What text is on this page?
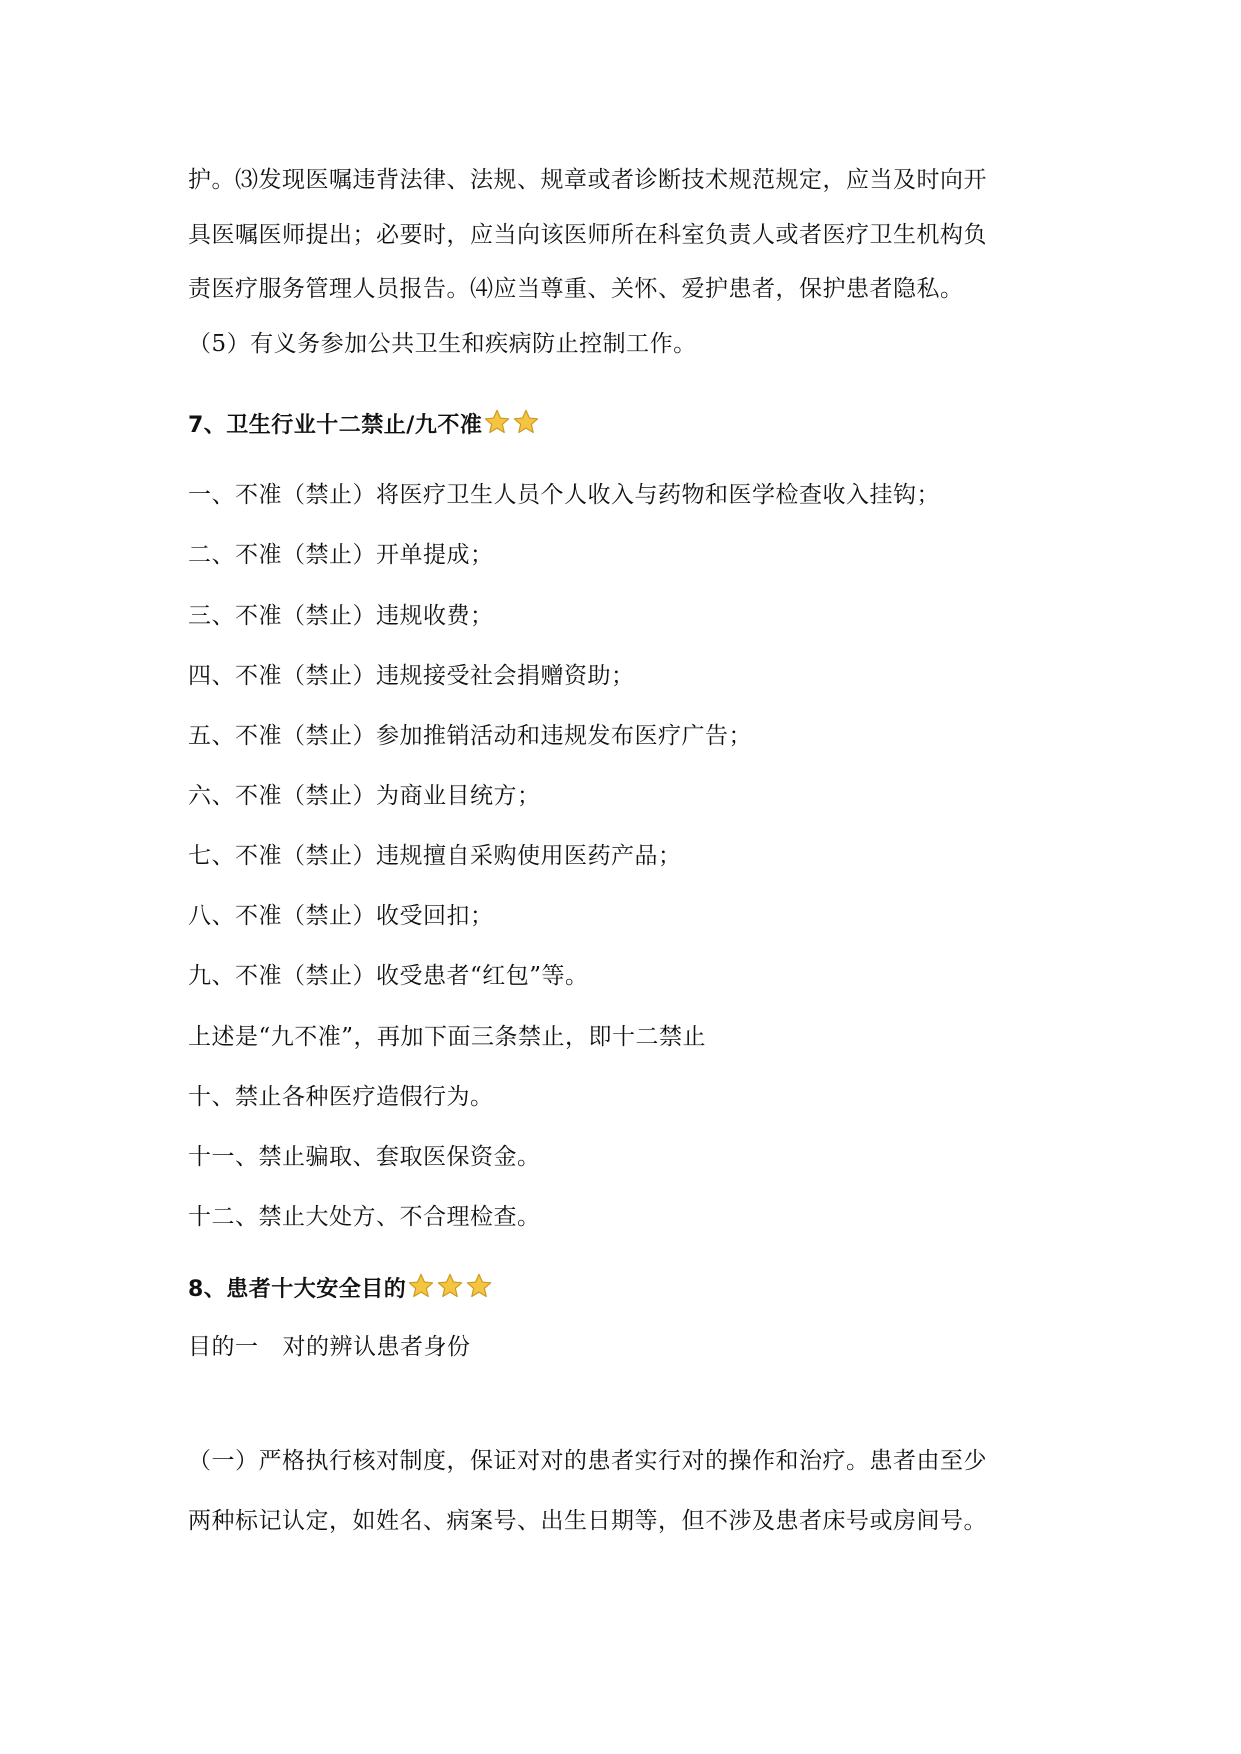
护。⑶发现医嘱违背法律、法规、规章或者诊断技术规范规定，应当及时向开
具医嘱医师提出；必要时，应当向该医师所在科室负责人或者医疗卫生机构负
责医疗服务管理人员报告。⑷应当尊重、关怀、爱护患者，保护患者隐私。
（5）有义务参加公共卫生和疾病防止控制工作。
7、卫生行业十二禁止/九不准
一、不准（禁止）将医疗卫生人员个人收入与药物和医学检查收入挂钩；
二、不准（禁止）开单提成；
三、不准（禁止）违规收费；
四、不准（禁止）违规接受社会捐赠资助；
五、不准（禁止）参加推销活动和违规发布医疗广告；
六、不准（禁止）为商业目统方；
七、不准（禁止）违规擅自采购使用医药产品；
八、不准（禁止）收受回扣；
九、不准（禁止）收受患者“红包”等。
上述是“九不准”，再加下面三条禁止，即十二禁止
十、禁止各种医疗造假行为。
十一、禁止骗取、套取医保资金。
十二、禁止大处方、不合理检查。
8、患者十大安全目的
目的一 对的辨认患者身份
（一）严格执行核对制度，保证对对的患者实行对的操作和治疗。患者由至少
两种标记认定，如姓名、病案号、出生日期等，但不涉及患者床号或房间号。
